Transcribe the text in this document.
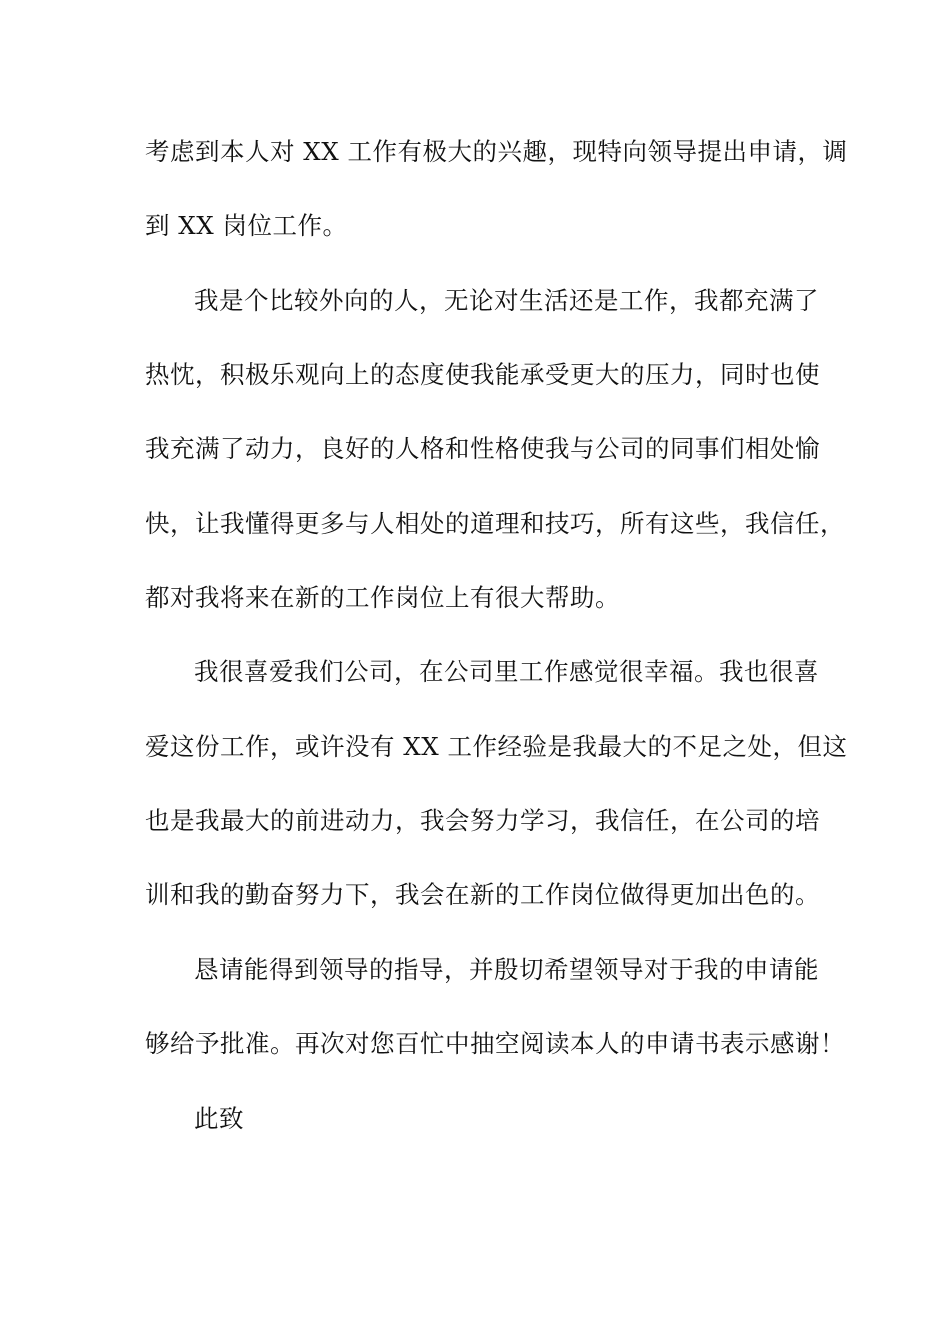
考虑到本人对 XX 工作有极大的兴趣，现特向领导提出申请，调
到 XX 岗位工作。
我是个比较外向的人，无论对生活还是工作，我都充满了
热忱，积极乐观向上的态度使我能承受更大的压力，同时也使
我充满了动力，良好的人格和性格使我与公司的同事们相处愉
快，让我懂得更多与人相处的道理和技巧，所有这些，我信任，
都对我将来在新的工作岗位上有很大帮助。
我很喜爱我们公司，在公司里工作感觉很幸福。我也很喜
爱这份工作，或许没有 XX 工作经验是我最大的不足之处，但这
也是我最大的前进动力，我会努力学习，我信任，在公司的培
训和我的勤奋努力下，我会在新的工作岗位做得更加出色的。
恳请能得到领导的指导，并殷切希望领导对于我的申请能
够给予批准。再次对您百忙中抽空阅读本人的申请书表示感谢！
此致
